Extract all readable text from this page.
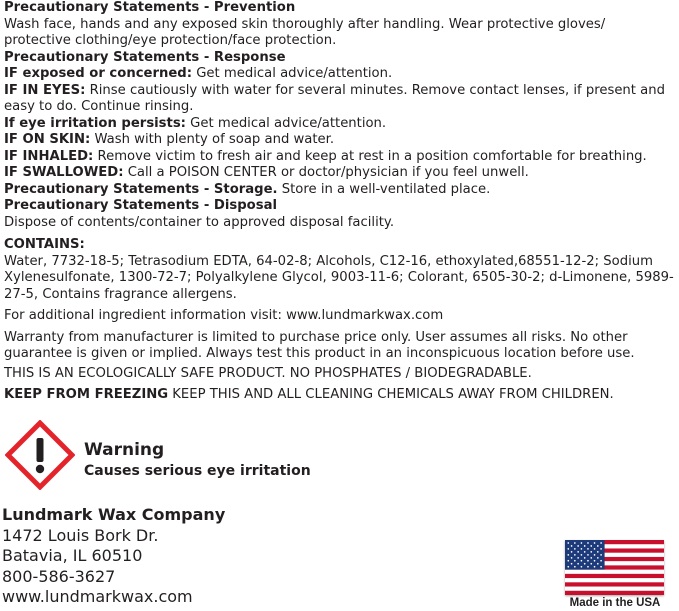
Precautionary Statements - Prevention

Wash face, hands and any exposed skin thoroughly after handling. Wear protective gloves/ protective clothing/eye protection/face protection.

Precautionary Statements - Response

IF exposed or concerned: Get medical advice/attention.

IF IN EYES: Rinse cautiously with water for several minutes. Remove contact lenses, if present and easy to do. Continue rinsing.

If eye irritation persists: Get medical advice/attention.

IF ON SKIN: Wash with plenty of soap and water.

IF INHALED: Remove victim to fresh air and keep at rest in a position comfortable for breathing.

IF SWALLOWED: Call a POISON CENTER or doctor/physician if you feel unwell.

Precautionary Statements - Storage. Store in a well-ventilated place.

Precautionary Statements - Disposal

Dispose of contents/container to approved disposal facility.

CONTAINS:

Water, 7732-18-5; Tetrasodium EDTA, 64-02-8; Alcohols, C12-16, ethoxylated,68551-12-2; Sodium Xylenesulfonate, 1300-72-7; Polyalkylene Glycol, 9003-11-6; Colorant, 6505-30-2; d-Limonene, 5989-27-5, Contains fragrance allergens.

For additional ingredient information visit: www.lundmarkwax.com

Warranty from manufacturer is limited to purchase price only. User assumes all risks. No other guarantee is given or implied. Always test this product in an inconspicuous location before use.

THIS IS AN ECOLOGICALLY SAFE PRODUCT. NO PHOSPHATES / BIODEGRADABLE.

KEEP FROM FREEZING KEEP THIS AND ALL CLEANING CHEMICALS AWAY FROM CHILDREN.

Warning
Causes serious eye irritation
Lundmark Wax Company
1472 Louis Bork Dr.
Batavia, IL 60510
800-586-3627
www.lundmarkwax.com	Made in the USA
